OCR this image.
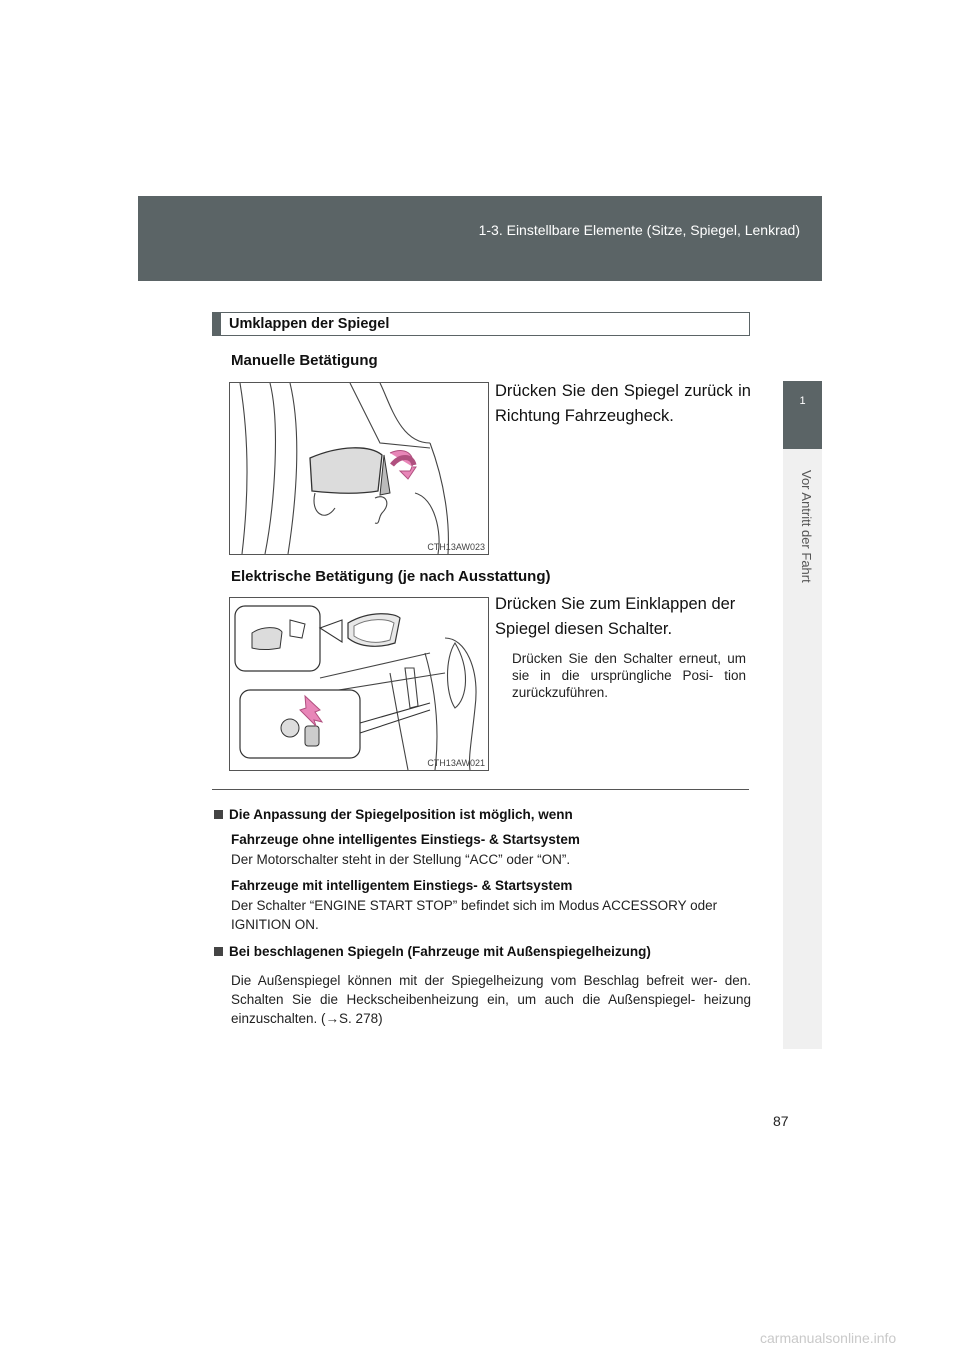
1-3. Einstellbare Elemente (Sitze, Spiegel, Lenkrad)
1
Vor Antritt der Fahrt
Umklappen der Spiegel
Manuelle Betätigung
CTH13AW023
Drücken Sie den Spiegel zurück in Richtung Fahrzeugheck.
Elektrische Betätigung (je nach Ausstattung)
CTH13AW021
Drücken Sie zum Einklappen der Spiegel diesen Schalter.
Drücken Sie den Schalter erneut, um sie in die ursprüngliche Posi- tion zurückzuführen.
Die Anpassung der Spiegelposition ist möglich, wenn
Fahrzeuge ohne intelligentes Einstiegs- & Startsystem
Der Motorschalter steht in der Stellung “ACC” oder “ON”.
Fahrzeuge mit intelligentem Einstiegs- & Startsystem
Der Schalter “ENGINE START STOP” befindet sich im Modus ACCESSORY oder IGNITION ON.
Bei beschlagenen Spiegeln (Fahrzeuge mit Außenspiegelheizung)
Die Außenspiegel können mit der Spiegelheizung vom Beschlag befreit wer- den. Schalten Sie die Heckscheibenheizung ein, um auch die Außenspiegel- heizung einzuschalten. (→S. 278)
87
carmanualsonline.info
